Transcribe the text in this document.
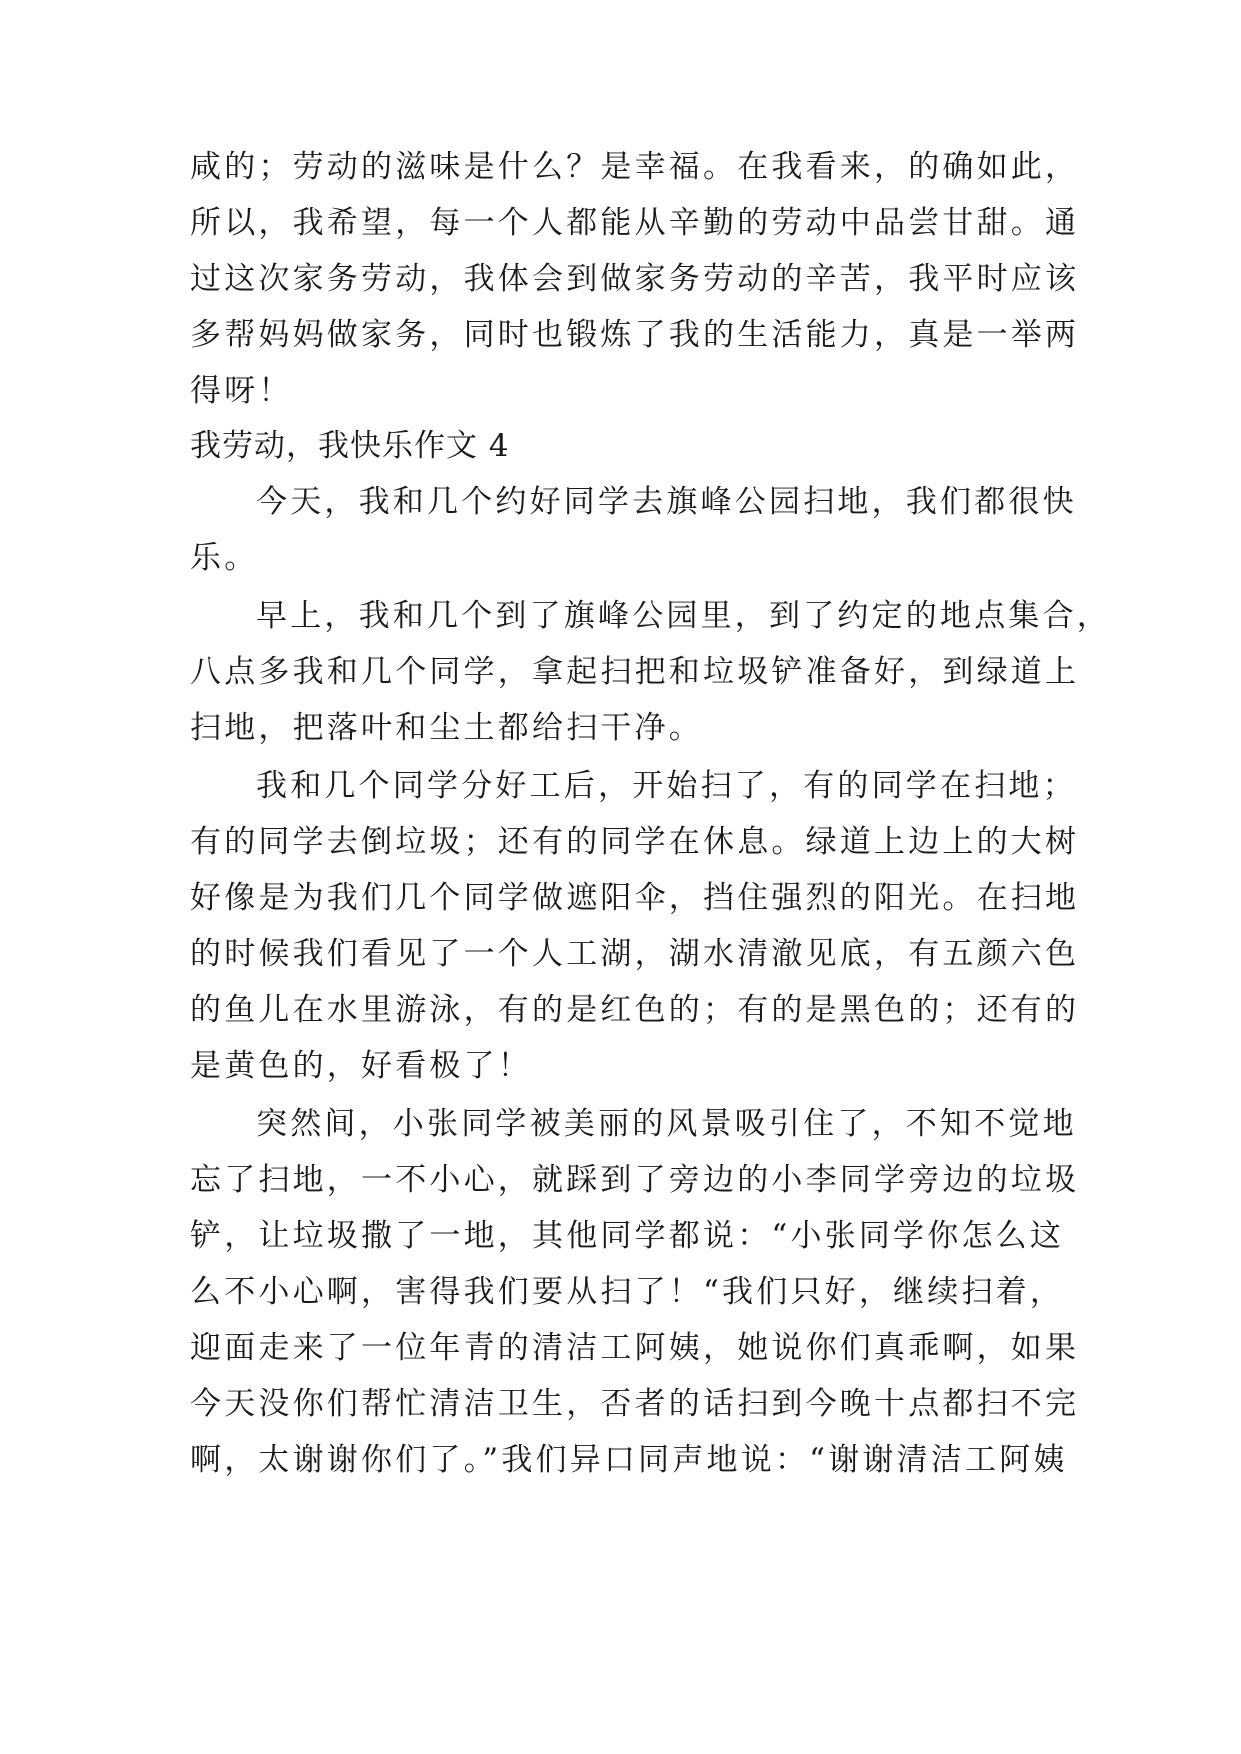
咸的；劳动的滋味是什么？是幸福。在我看来，的确如此，
所以，我希望，每一个人都能从辛勤的劳动中品尝甘甜。通
过这次家务劳动，我体会到做家务劳动的辛苦，我平时应该
多帮妈妈做家务，同时也锻炼了我的生活能力，真是一举两
得呀！
我劳动，我快乐作文 4
今天，我和几个约好同学去旗峰公园扫地，我们都很快
乐。
早上，我和几个到了旗峰公园里，到了约定的地点集合，
八点多我和几个同学，拿起扫把和垃圾铲准备好，到绿道上
扫地，把落叶和尘土都给扫干净。
我和几个同学分好工后，开始扫了，有的同学在扫地；
有的同学去倒垃圾；还有的同学在休息。绿道上边上的大树
好像是为我们几个同学做遮阳伞，挡住强烈的阳光。在扫地
的时候我们看见了一个人工湖，湖水清澈见底，有五颜六色
的鱼儿在水里游泳，有的是红色的；有的是黑色的；还有的
是黄色的，好看极了！
突然间，小张同学被美丽的风景吸引住了，不知不觉地
忘了扫地，一不小心，就踩到了旁边的小李同学旁边的垃圾
铲，让垃圾撒了一地，其他同学都说：“小张同学你怎么这
么不小心啊，害得我们要从扫了！“我们只好，继续扫着，
迎面走来了一位年青的清洁工阿姨，她说你们真乖啊，如果
今天没你们帮忙清洁卫生，否者的话扫到今晚十点都扫不完
啊，太谢谢你们了。”我们异口同声地说：“谢谢清洁工阿姨
